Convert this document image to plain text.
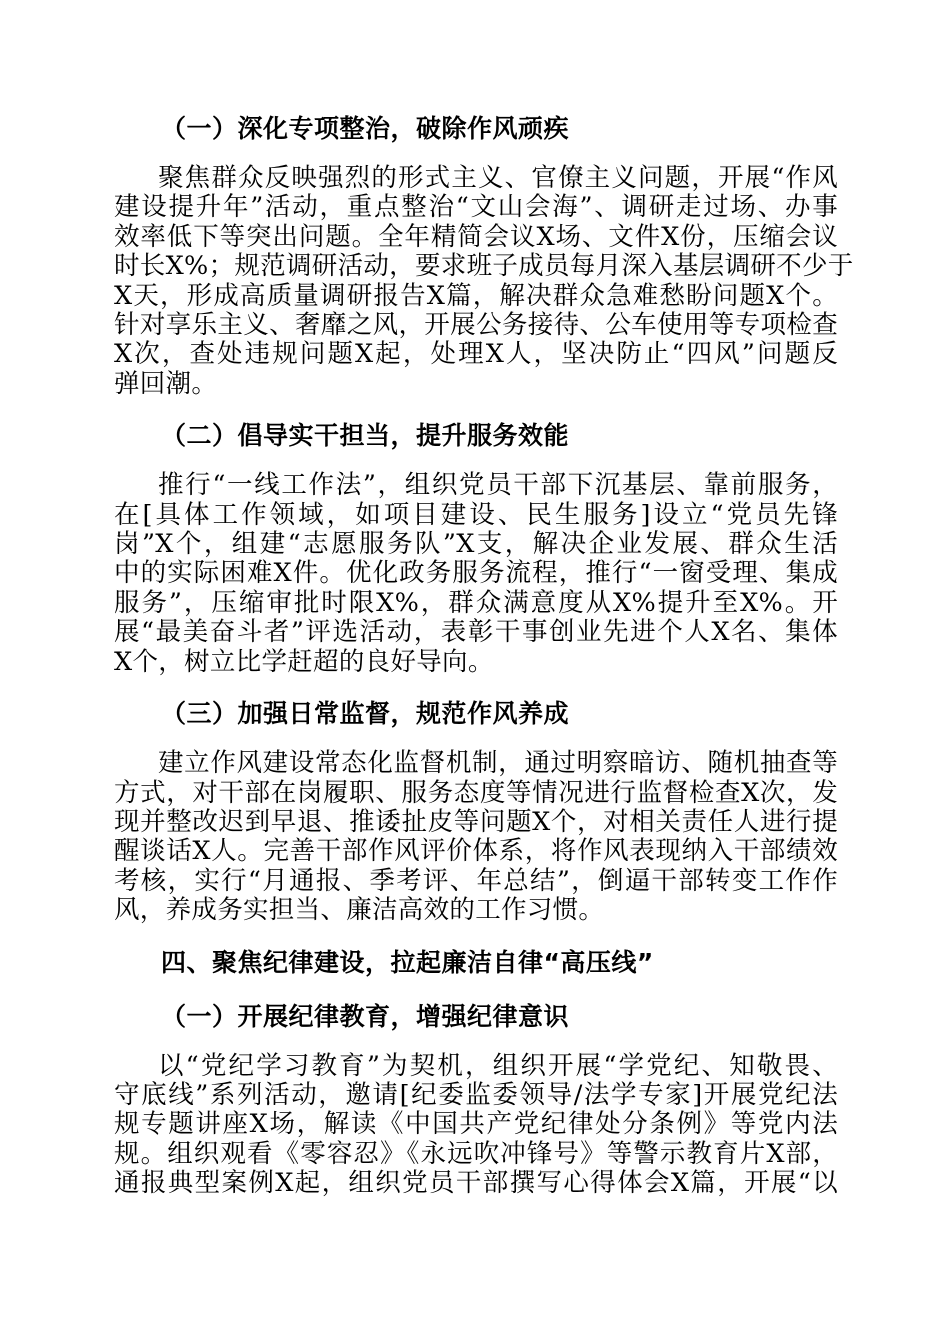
（一）深化专项整治，破除作风顽疾
聚焦群众反映强烈的形式主义、官僚主义问题，开展“作风
建设提升年”活动，重点整治“文山会海”、调研走过场、办事
效率低下等突出问题。全年精简会议X场、文件X份，压缩会议
时长X%；规范调研活动，要求班子成员每月深入基层调研不少于
X天，形成高质量调研报告X篇，解决群众急难愁盼问题X个。
针对享乐主义、奢靡之风，开展公务接待、公车使用等专项检查
X次，查处违规问题X起，处理X人，坚决防止“四风”问题反
弹回潮。
（二）倡导实干担当，提升服务效能
推行“一线工作法”，组织党员干部下沉基层、靠前服务，
在[具体工作领域，如项目建设、民生服务]设立“党员先锋
岗”X个，组建“志愿服务队”X支，解决企业发展、群众生活
中的实际困难X件。优化政务服务流程，推行“一窗受理、集成
服务”，压缩审批时限X%，群众满意度从X%提升至X%。开
展“最美奋斗者”评选活动，表彰干事创业先进个人X名、集体
X个，树立比学赶超的良好导向。
（三）加强日常监督，规范作风养成
建立作风建设常态化监督机制，通过明察暗访、随机抽查等
方式，对干部在岗履职、服务态度等情况进行监督检查X次，发
现并整改迟到早退、推诿扯皮等问题X个，对相关责任人进行提
醒谈话X人。完善干部作风评价体系，将作风表现纳入干部绩效
考核，实行“月通报、季考评、年总结”，倒逼干部转变工作作
风，养成务实担当、廉洁高效的工作习惯。
四、聚焦纪律建设，拉起廉洁自律“高压线”
（一）开展纪律教育，增强纪律意识
以“党纪学习教育”为契机，组织开展“学党纪、知敬畏、
守底线”系列活动，邀请[纪委监委领导/法学专家]开展党纪法
规专题讲座X场，解读《中国共产党纪律处分条例》等党内法
规。组织观看《零容忍》《永远吹冲锋号》等警示教育片X部，
通报典型案例X起，组织党员干部撰写心得体会X篇，开展“以
